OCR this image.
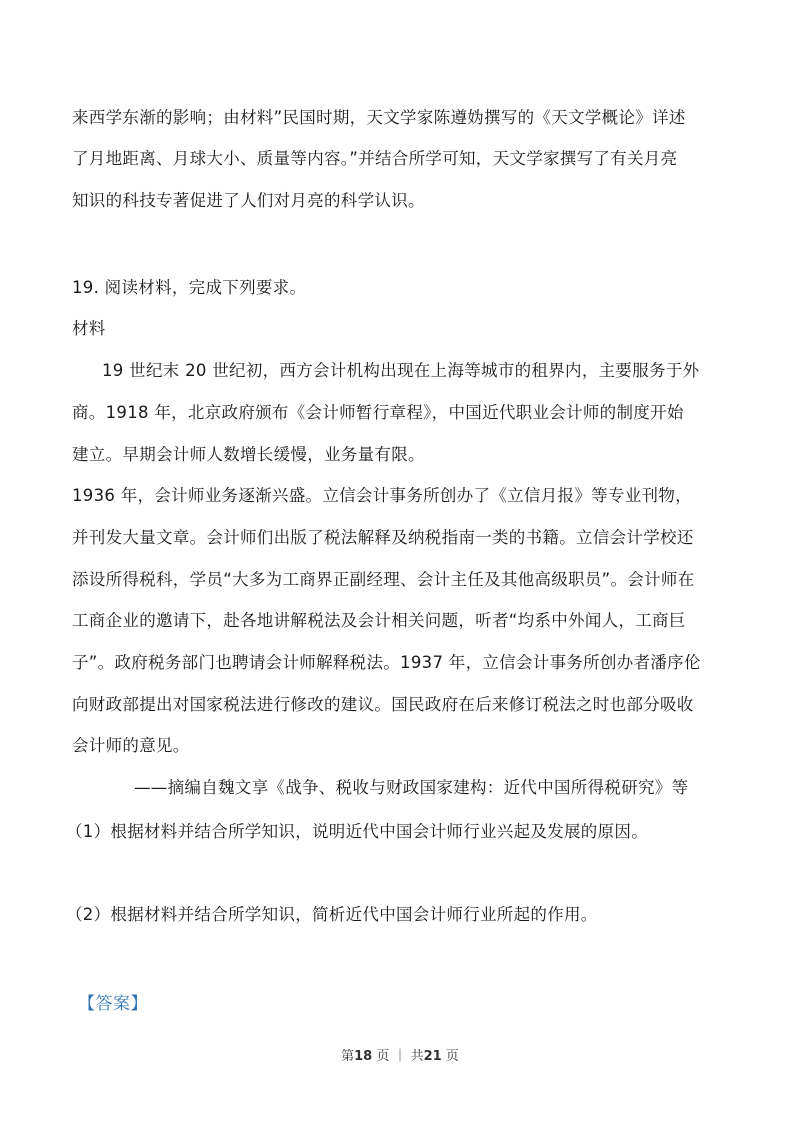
来西学东渐的影响；由材料”民国时期，天文学家陈遵妫撰写的《天文学概论》详述
了月地距离、月球大小、质量等内容。”并结合所学可知，天文学家撰写了有关月亮
知识的科技专著促进了人们对月亮的科学认识。
19. 阅读材料，完成下列要求。
材料
19 世纪末 20 世纪初，西方会计机构出现在上海等城市的租界内，主要服务于外
商。1918 年，北京政府颁布《会计师暂行章程》，中国近代职业会计师的制度开始
建立。早期会计师人数增长缓慢，业务量有限。
1936 年，会计师业务逐渐兴盛。立信会计事务所创办了《立信月报》等专业刊物，
并刊发大量文章。会计师们出版了税法解释及纳税指南一类的书籍。立信会计学校还
添设所得税科，学员“大多为工商界正副经理、会计主任及其他高级职员”。会计师在
工商企业的邀请下，赴各地讲解税法及会计相关问题，听者“均系中外闻人，工商巨
子”。政府税务部门也聘请会计师解释税法。1937 年，立信会计事务所创办者潘序伦
向财政部提出对国家税法进行修改的建议。国民政府在后来修订税法之时也部分吸收
会计师的意见。
——摘编自魏文享《战争、税收与财政国家建构：近代中国所得税研究》等
（1）根据材料并结合所学知识，说明近代中国会计师行业兴起及发展的原因。
（2）根据材料并结合所学知识，简析近代中国会计师行业所起的作用。
【答案】
第18 页 ｜ 共21 页
